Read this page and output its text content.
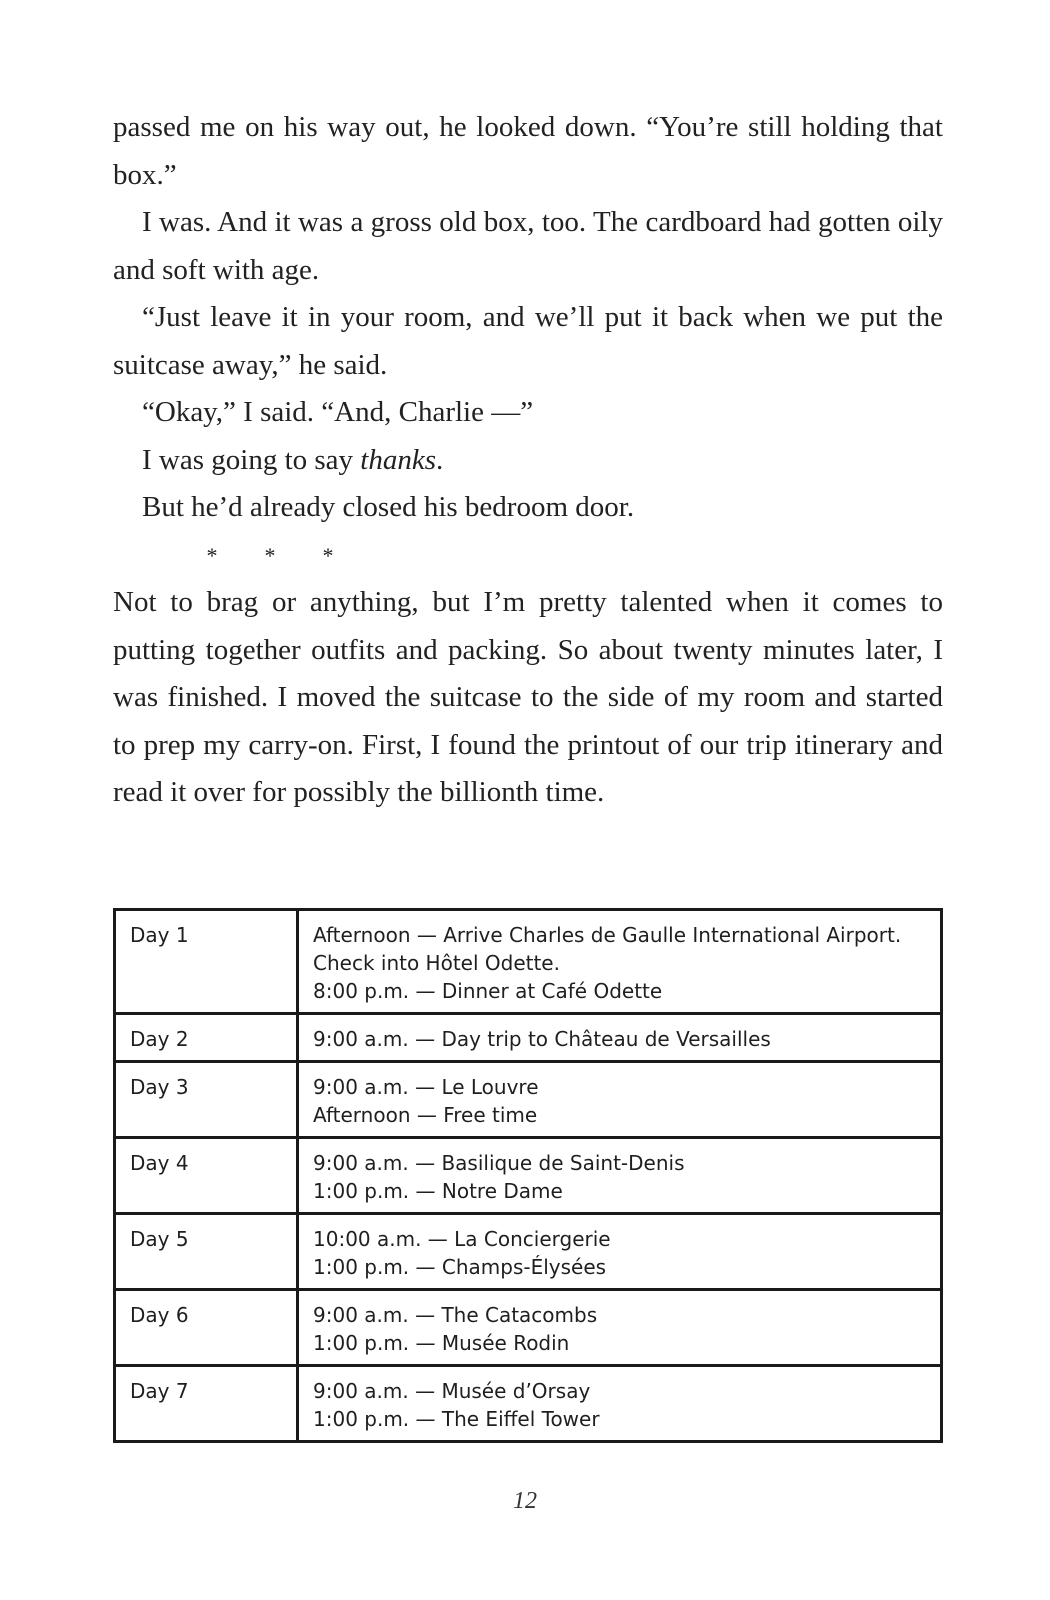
passed me on his way out, he looked down. “You’re still holding that box.”

I was. And it was a gross old box, too. The cardboard had gotten oily and soft with age.

“Just leave it in your room, and we’ll put it back when we put the suitcase away,” he said.

“Okay,” I said. “And, Charlie —”

I was going to say thanks.

But he’d already closed his bedroom door.

* * *

Not to brag or anything, but I’m pretty talented when it comes to putting together outfits and packing. So about twenty minutes later, I was finished. I moved the suitcase to the side of my room and started to prep my carry-on. First, I found the printout of our trip itinerary and read it over for possibly the billionth time.

Day 1	Afternoon — Arrive Charles de Gaulle International Airport.
Check into Hôtel Odette.
8:00 p.m. — Dinner at Café Odette

Day 2	9:00 a.m. — Day trip to Château de Versailles

Day 3	9:00 a.m. — Le Louvre
Afternoon — Free time

Day 4	9:00 a.m. — Basilique de Saint-Denis
1:00 p.m. — Notre Dame

Day 5	10:00 a.m. — La Conciergerie
1:00 p.m. — Champs-Élysées

Day 6	9:00 a.m. — The Catacombs
1:00 p.m. — Musée Rodin

Day 7	9:00 a.m. — Musée d’Orsay
1:00 p.m. — The Eiffel Tower
12
